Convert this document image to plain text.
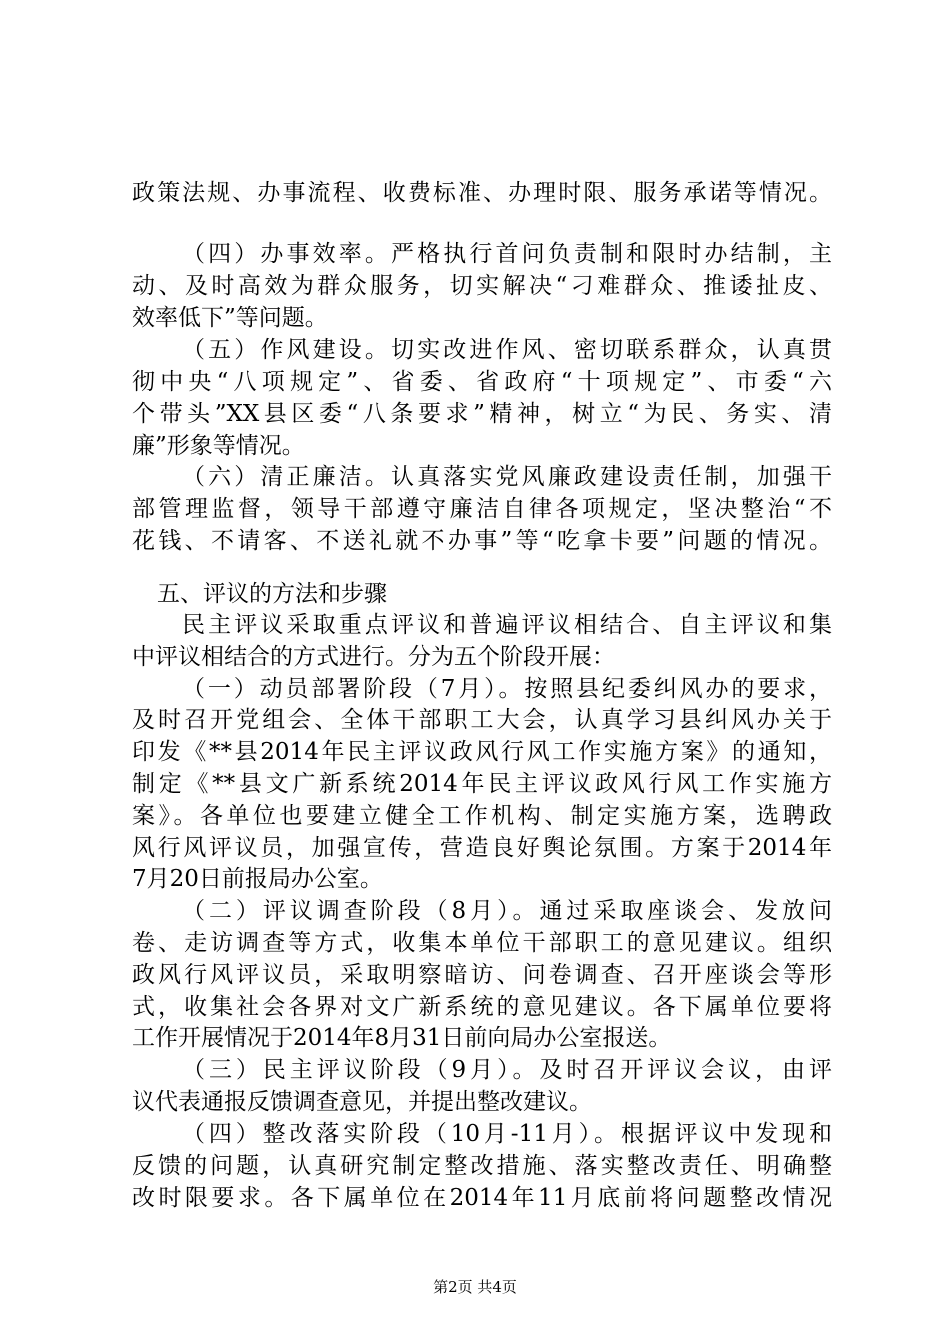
政策法规、办事流程、收费标准、办理时限、服务承诺等情况。
（四）办事效率。严格执行首问负责制和限时办结制，主
动、及时高效为群众服务，切实解决“刁难群众、推诿扯皮、
效率低下”等问题。
（五）作风建设。切实改进作风、密切联系群众，认真贯
彻中央“八项规定”、省委、省政府“十项规定”、市委“六
个带头”XX县区委“八条要求”精神，树立“为民、务实、清
廉”形象等情况。
（六）清正廉洁。认真落实党风廉政建设责任制，加强干
部管理监督，领导干部遵守廉洁自律各项规定，坚决整治“不
花钱、不请客、不送礼就不办事”等“吃拿卡要”问题的情况。
五、评议的方法和步骤
民主评议采取重点评议和普遍评议相结合、自主评议和集
中评议相结合的方式进行。分为五个阶段开展：
（一）动员部署阶段（7月）。按照县纪委纠风办的要求，
及时召开党组会、全体干部职工大会，认真学习县纠风办关于
印发《**县2014年民主评议政风行风工作实施方案》的通知，
制定《**县文广新系统2014年民主评议政风行风工作实施方
案》。各单位也要建立健全工作机构、制定实施方案，选聘政
风行风评议员，加强宣传，营造良好舆论氛围。方案于2014年
7月20日前报局办公室。
（二）评议调查阶段（8月）。通过采取座谈会、发放问
卷、走访调查等方式，收集本单位干部职工的意见建议。组织
政风行风评议员，采取明察暗访、问卷调查、召开座谈会等形
式，收集社会各界对文广新系统的意见建议。各下属单位要将
工作开展情况于2014年8月31日前向局办公室报送。
（三）民主评议阶段（9月）。及时召开评议会议，由评
议代表通报反馈调查意见，并提出整改建议。
（四）整改落实阶段（10月-11月）。根据评议中发现和
反馈的问题，认真研究制定整改措施、落实整改责任、明确整
改时限要求。各下属单位在2014年11月底前将问题整改情况
第2页 共4页
